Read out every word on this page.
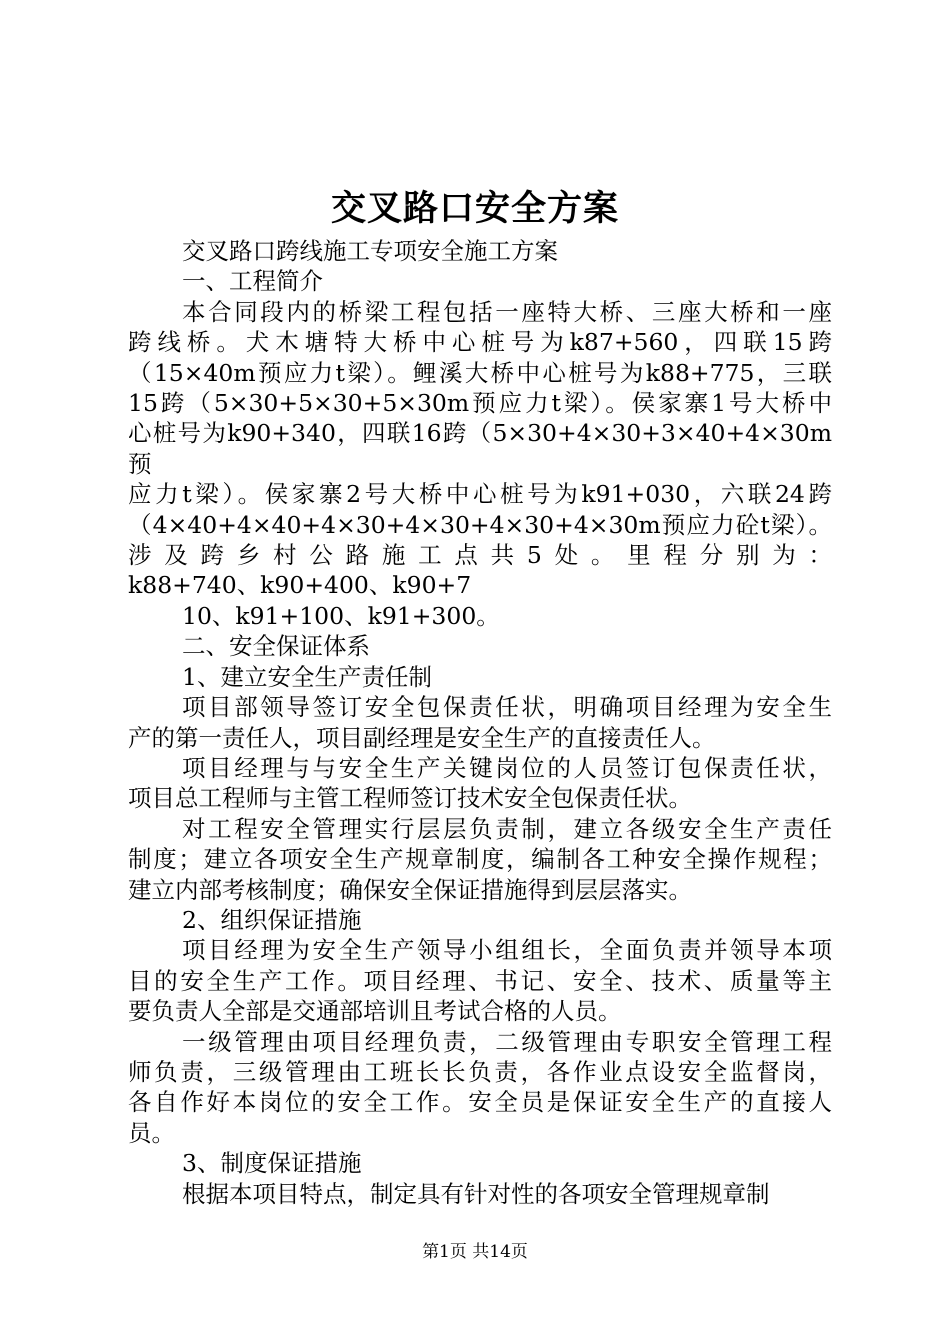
交叉路口安全方案

交叉路口跨线施工专项安全施工方案

一、工程简介

本合同段内的桥梁工程包括一座特大桥、三座大桥和一座

跨线桥。犬木塘特大桥中心桩号为k87+560，四联15跨

（15×40m预应力t梁）。鲤溪大桥中心桩号为k88+775，三联

15跨（5×30+5×30+5×30m预应力t梁）。侯家寨1号大桥中

心桩号为k90+340，四联16跨（5×30+4×30+3×40+4×30m预

应力t梁）。侯家寨2号大桥中心桩号为k91+030，六联24跨

（4×40+4×40+4×30+4×30+4×30+4×30m预应力砼t梁）。

涉及跨乡村公路施工点共5处。里程分别为：

k88+740、k90+400、k90+7

10、k91+100、k91+300。

二、安全保证体系

1、建立安全生产责任制

项目部领导签订安全包保责任状，明确项目经理为安全生

产的第一责任人，项目副经理是安全生产的直接责任人。

项目经理与与安全生产关键岗位的人员签订包保责任状，

项目总工程师与主管工程师签订技术安全包保责任状。

对工程安全管理实行层层负责制，建立各级安全生产责任

制度；建立各项安全生产规章制度，编制各工种安全操作规程；

建立内部考核制度；确保安全保证措施得到层层落实。

2、组织保证措施

项目经理为安全生产领导小组组长，全面负责并领导本项

目的安全生产工作。项目经理、书记、安全、技术、质量等主

要负责人全部是交通部培训且考试合格的人员。

一级管理由项目经理负责，二级管理由专职安全管理工程

师负责，三级管理由工班长长负责，各作业点设安全监督岗，

各自作好本岗位的安全工作。安全员是保证安全生产的直接人

员。

3、制度保证措施

根据本项目特点，制定具有针对性的各项安全管理规章制

第1页 共14页
